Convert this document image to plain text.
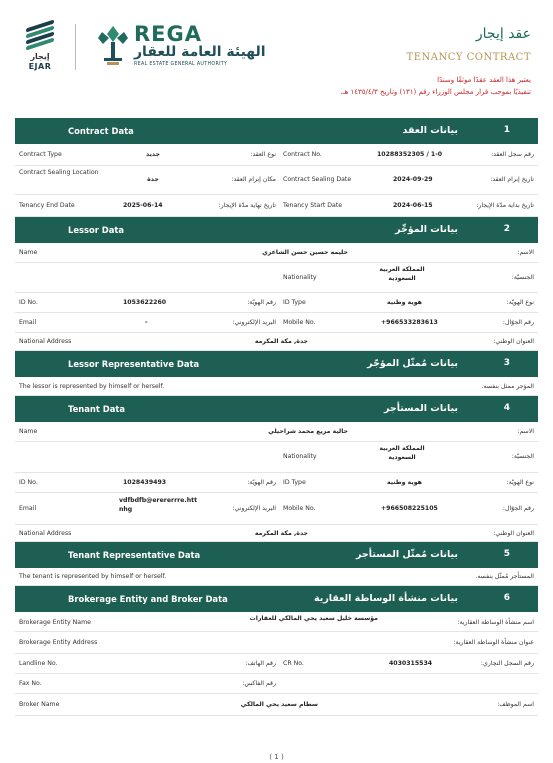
إيجار
EJAR
REGA
الهيئة العامة للعقار
REAL ESTATE GENERAL AUTHORITY
عقد إيجار
TENANCY CONTRACT
يعتبر هذا العقد عقدًا موثقًا وسندًا
تنفيذيًا بموجب قرار مجلس الوزراء رقم (١٣١) وتاريخ ١٤٣٥/٤/٣ هـ.
Contract Data	بيانات العقد	1
Contract Type	جديد	نوع العقد: Contract No.	10288352305 / 1-0	رقم سجل العقد:
Contract Sealing Location
جدة	مكان إبرام العقد: Contract Sealing Date	2024-09-29	تاريخ إبرام العقد:
Tenancy End Date	2025-06-14	تاريخ نهاية مدّة الإيجار: Tenancy Start Date	2024-06-15	تاريخ بداية مدّة الإيجار:
Lessor Data	بيانات المؤجِّر	2
Name	حليمه حسين حسن الشاعري	الاسم:
Nationality
المملكة العربية السعودية	الجنسيّة:
ID No.	1053622260	رقم الهويّة: ID Type	هوية وطنية	نوع الهويّة:
Email	-	البريد الإلكتروني: Mobile No.	+966533283613	رقم الجوّال:
National Address	جدة, مكة المكرمة	العنوان الوطني:
Lessor Representative Data	بيانات مُمثّل المؤجّر	3
The lessor is represented by himself or herself.	المؤجر ممثل بنفسه.
Tenant Data	بيانات المستأجر	4
Name	حالية مريع محمد شراحيلي	الاسم:
Nationality
المملكة العربية السعودية	الجنسيّة:
ID No.	1028439493	رقم الهويّة: ID Type	هوية وطنية	نوع الهويّة:
Email
vdfbdfb@erererrre.htt nhg	البريد الإلكتروني: Mobile No.	+966508225105	رقم الجوّال:
National Address	جدة, مكة المكرمة	العنوان الوطني:
Tenant Representative Data	بيانات مُمثّل المستأجر	5
The tenant is represented by himself or herself.	المستأجر مُمثّل بنفسه.
Brokerage Entity and Broker Data	بيانات منشأة الوساطة العقارية	6
Brokerage Entity Name
مؤسسة خليل سعيد يحي المالكي للعقارات
اسم منشأة الوساطة العقارية:
Brokerage Entity Address	عنوان منشأة الوساطة العقارية:
Landline No.	رقم الهاتف: CR No.	4030315534	رقم السجل التجاري:
Fax No.	رقم الفاكس:
Broker Name	سطام سعيد يحي المالكي	اسم الموظف:
( 1 )
